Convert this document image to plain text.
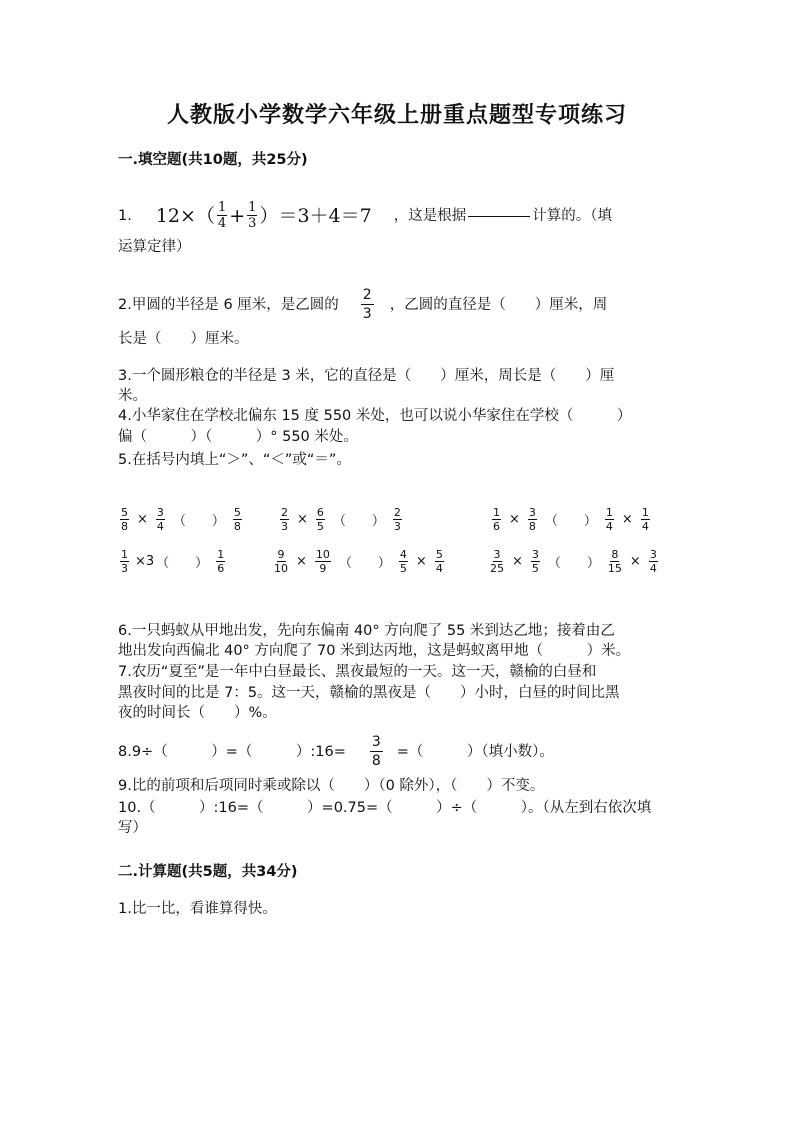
人教版小学数学六年级上册重点题型专项练习
一.填空题(共10题，共25分)
1. $12\times( \frac{1}{4} + \frac{1}{3} )=3+4=7$ ，这是根据	计算的。（填
运算定律）
2.甲圆的半径是 6 厘米，是乙圆的 $\frac{2}{3}$ ，乙圆的直径是（　　）厘米，周
长是（　　）厘米。
3.一个圆形粮仓的半径是 3 米，它的直径是（　　）厘米，周长是（　　）厘
米。
4.小华家住在学校北偏东 15 度 550 米处，也可以说小华家住在学校（　　　）
偏（　　　）（　　　）° 550 米处。
5.在括号内填上“＞”、“＜”或“＝”。
$\frac{5}{8} \times \frac{3}{4}$ （　　） $\frac{5}{8}$	$\frac{2}{3} \times \frac{6}{5}$ （　　） $\frac{2}{3}$	$\frac{1}{6} \times \frac{3}{8}$ （　　） $\frac{1}{4} \times \frac{1}{4}$
$\frac{1}{3} \times 3$ （　　） $\frac{1}{6}$	$\frac{9}{10} \times \frac{10}{9}$ （　　） $\frac{4}{5} \times \frac{5}{4}$	$\frac{3}{25} \times \frac{3}{5}$ （　　） $\frac{8}{15} \times \frac{3}{4}$
6.一只蚂蚁从甲地出发，先向东偏南 40° 方向爬了 55 米到达乙地；接着由乙
地出发向西偏北 40° 方向爬了 70 米到达丙地，这是蚂蚁离甲地（　　　）米。
7.农历“夏至”是一年中白昼最长、黑夜最短的一天。这一天，赣榆的白昼和
黑夜时间的比是 7：5。这一天，赣榆的黑夜是（　　）小时，白昼的时间比黑
夜的时间长（　　）%。
8.9÷（　　　）=（　　　）:16= $\frac{3}{8}$ =（　　　）（填小数）。
9.比的前项和后项同时乘或除以（　　）（0 除外），（　　）不变。
10.（　　　）:16=（　　　）=0.75=（　　　）÷（　　　）。（从左到右依次填
写）
二.计算题(共5题，共34分)
1.比一比，看谁算得快。
